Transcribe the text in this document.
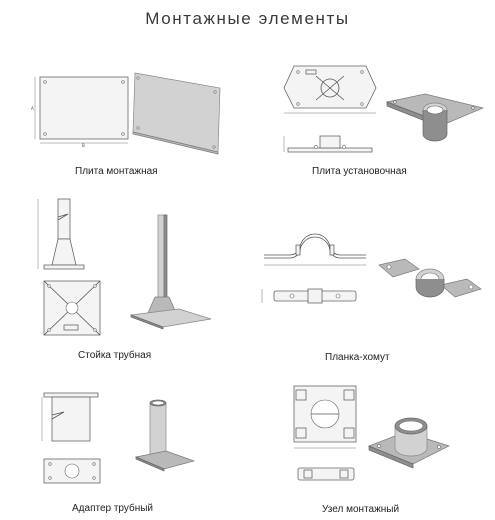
Монтажные элементы
B
A
Плита монтажная	Плита установочная
Стойка трубная	Планка-хомут
Адаптер трубный	Узел монтажный
